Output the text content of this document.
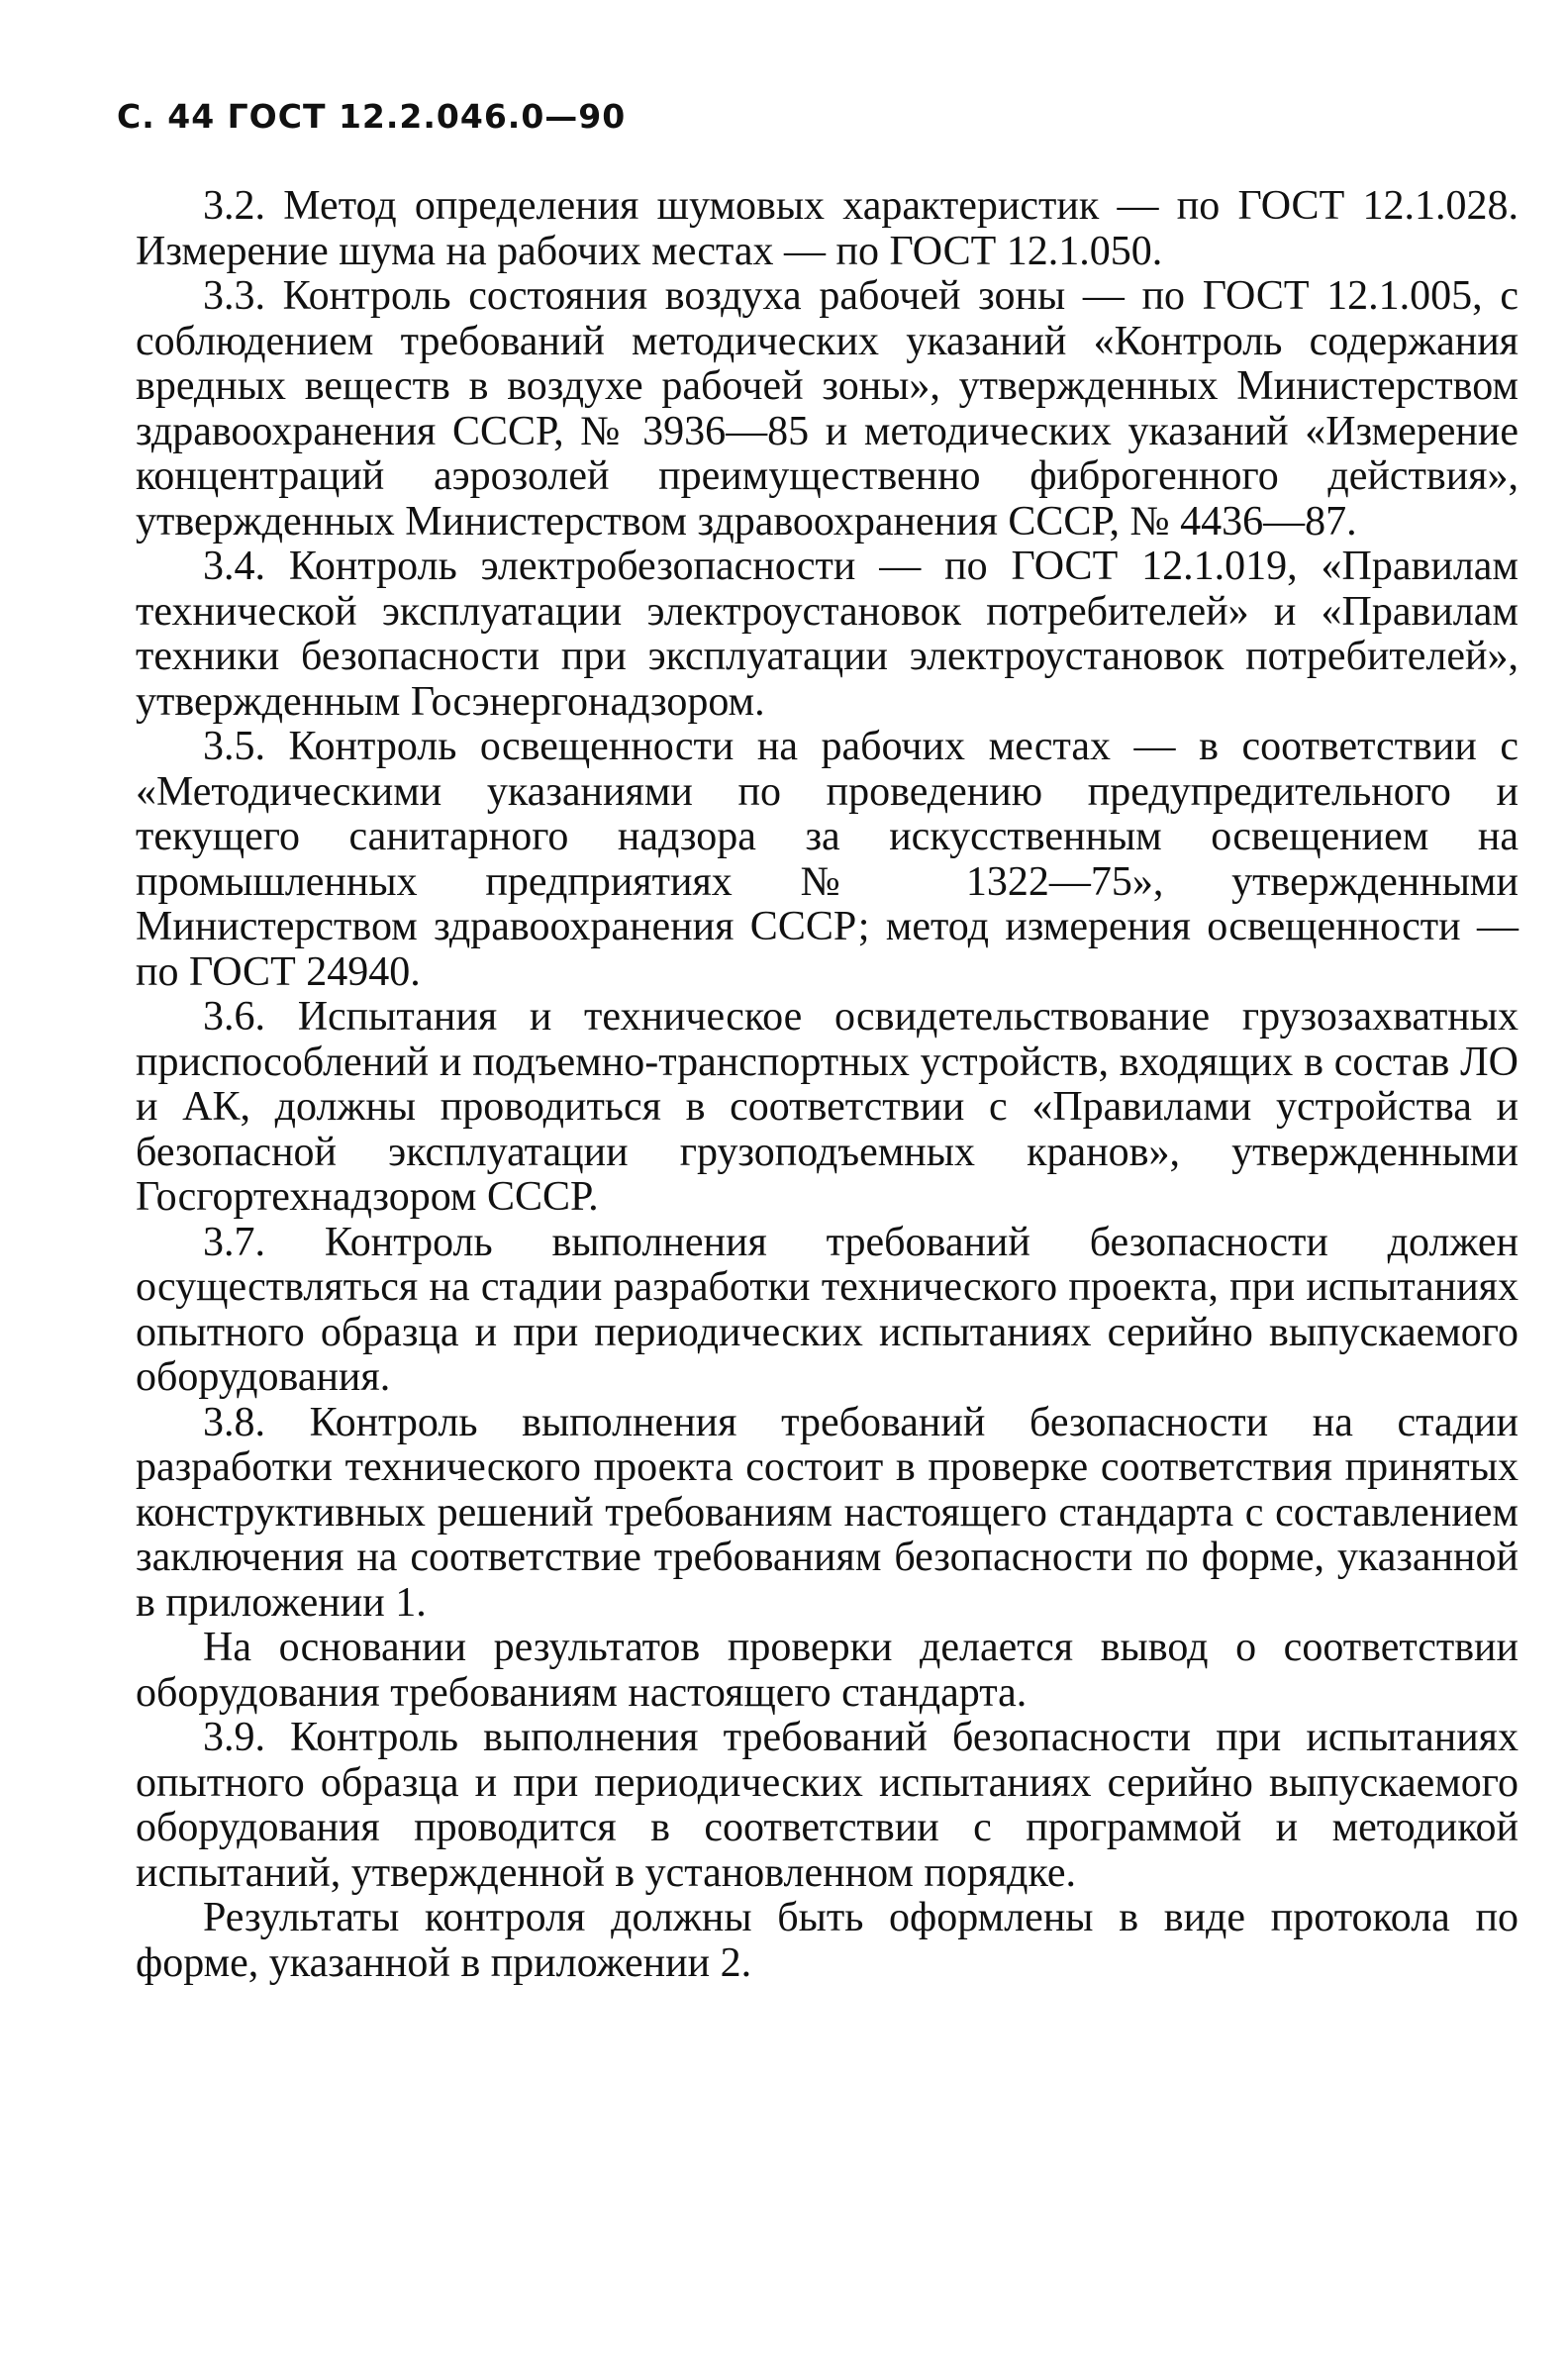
С. 44 ГОСТ 12.2.046.0—90

3.2. Метод определения шумовых характеристик — по ГОСТ 12.1.028. Измерение шума на рабочих местах — по ГОСТ 12.1.050.

3.3. Контроль состояния воздуха рабочей зоны — по ГОСТ 12.1.005, с соблюдением требований методических указаний «Контроль содержания вредных веществ в воздухе рабочей зоны», утвержденных Министерством здравоохранения СССР, № 3936—85 и методических указаний «Измерение концентраций аэрозолей преимущественно фиброгенного действия», утвержденных Министерством здравоохранения СССР, № 4436—87.

3.4. Контроль электробезопасности — по ГОСТ 12.1.019, «Правилам технической эксплуатации электроустановок потребителей» и «Правилам техники безопасности при эксплуатации электроустановок потребителей», утвержденным Госэнергонадзором.

3.5. Контроль освещенности на рабочих местах — в соответствии с «Методическими указаниями по проведению предупредительного и текущего санитарного надзора за искусственным освещением на промышленных предприятиях № 1322—75», утвержденными Министерством здравоохранения СССР; метод измерения освещенности — по ГОСТ 24940.

3.6. Испытания и техническое освидетельствование грузозахватных приспособлений и подъемно-транспортных устройств, входящих в состав ЛО и АК, должны проводиться в соответствии с «Правилами устройства и безопасной эксплуатации грузоподъемных кранов», утвержденными Госгортехнадзором СССР.

3.7. Контроль выполнения требований безопасности должен осуществляться на стадии разработки технического проекта, при испытаниях опытного образца и при периодических испытаниях серийно выпускаемого оборудования.

3.8. Контроль выполнения требований безопасности на стадии разработки технического проекта состоит в проверке соответствия принятых конструктивных решений требованиям настоящего стандарта с составлением заключения на соответствие требованиям безопасности по форме, указанной в приложении 1.

На основании результатов проверки делается вывод о соответствии оборудования требованиям настоящего стандарта.

3.9. Контроль выполнения требований безопасности при испытаниях опытного образца и при периодических испытаниях серийно выпускаемого оборудования проводится в соответствии с программой и методикой испытаний, утвержденной в установленном порядке.

Результаты контроля должны быть оформлены в виде протокола по форме, указанной в приложении 2.
